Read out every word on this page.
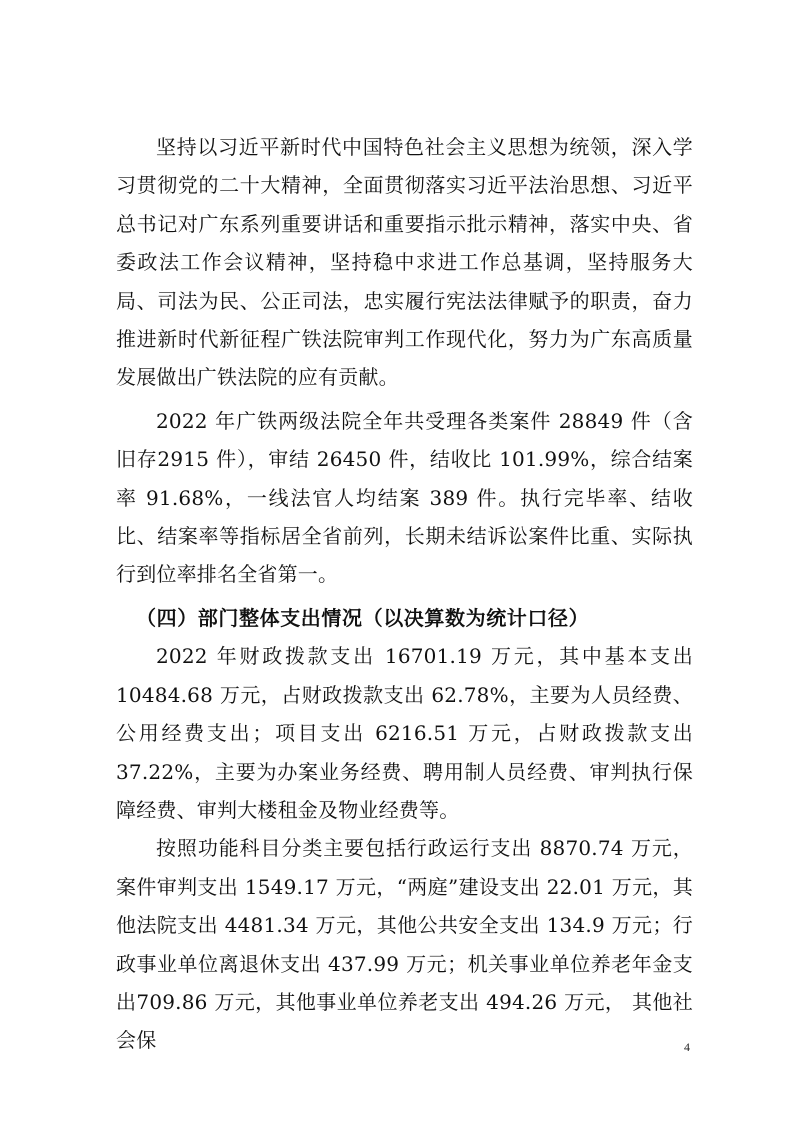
坚持以习近平新时代中国特色社会主义思想为统领，深入学习贯彻党的二十大精神，全面贯彻落实习近平法治思想、习近平总书记对广东系列重要讲话和重要指示批示精神，落实中央、省委政法工作会议精神，坚持稳中求进工作总基调，坚持服务大局、司法为民、公正司法，忠实履行宪法法律赋予的职责，奋力推进新时代新征程广铁法院审判工作现代化，努力为广东高质量发展做出广铁法院的应有贡献。

2022 年广铁两级法院全年共受理各类案件 28849 件（含旧存2915 件），审结 26450 件，结收比 101.99%，综合结案率 91.68%，一线法官人均结案 389 件。执行完毕率、结收比、结案率等指标居全省前列，长期未结诉讼案件比重、实际执行到位率排名全省第一。

（四）部门整体支出情况（以决算数为统计口径）

2022 年财政拨款支出 16701.19 万元，其中基本支出10484.68 万元，占财政拨款支出 62.78%，主要为人员经费、公用经费支出；项目支出 6216.51 万元，占财政拨款支出 37.22%，主要为办案业务经费、聘用制人员经费、审判执行保障经费、审判大楼租金及物业经费等。

按照功能科目分类主要包括行政运行支出 8870.74 万元，案件审判支出 1549.17 万元，“两庭”建设支出 22.01 万元，其他法院支出 4481.34 万元，其他公共安全支出 134.9 万元；行政事业单位离退休支出 437.99 万元；机关事业单位养老年金支出709.86 万元，其他事业单位养老支出 494.26 万元， 其他社会保	4
